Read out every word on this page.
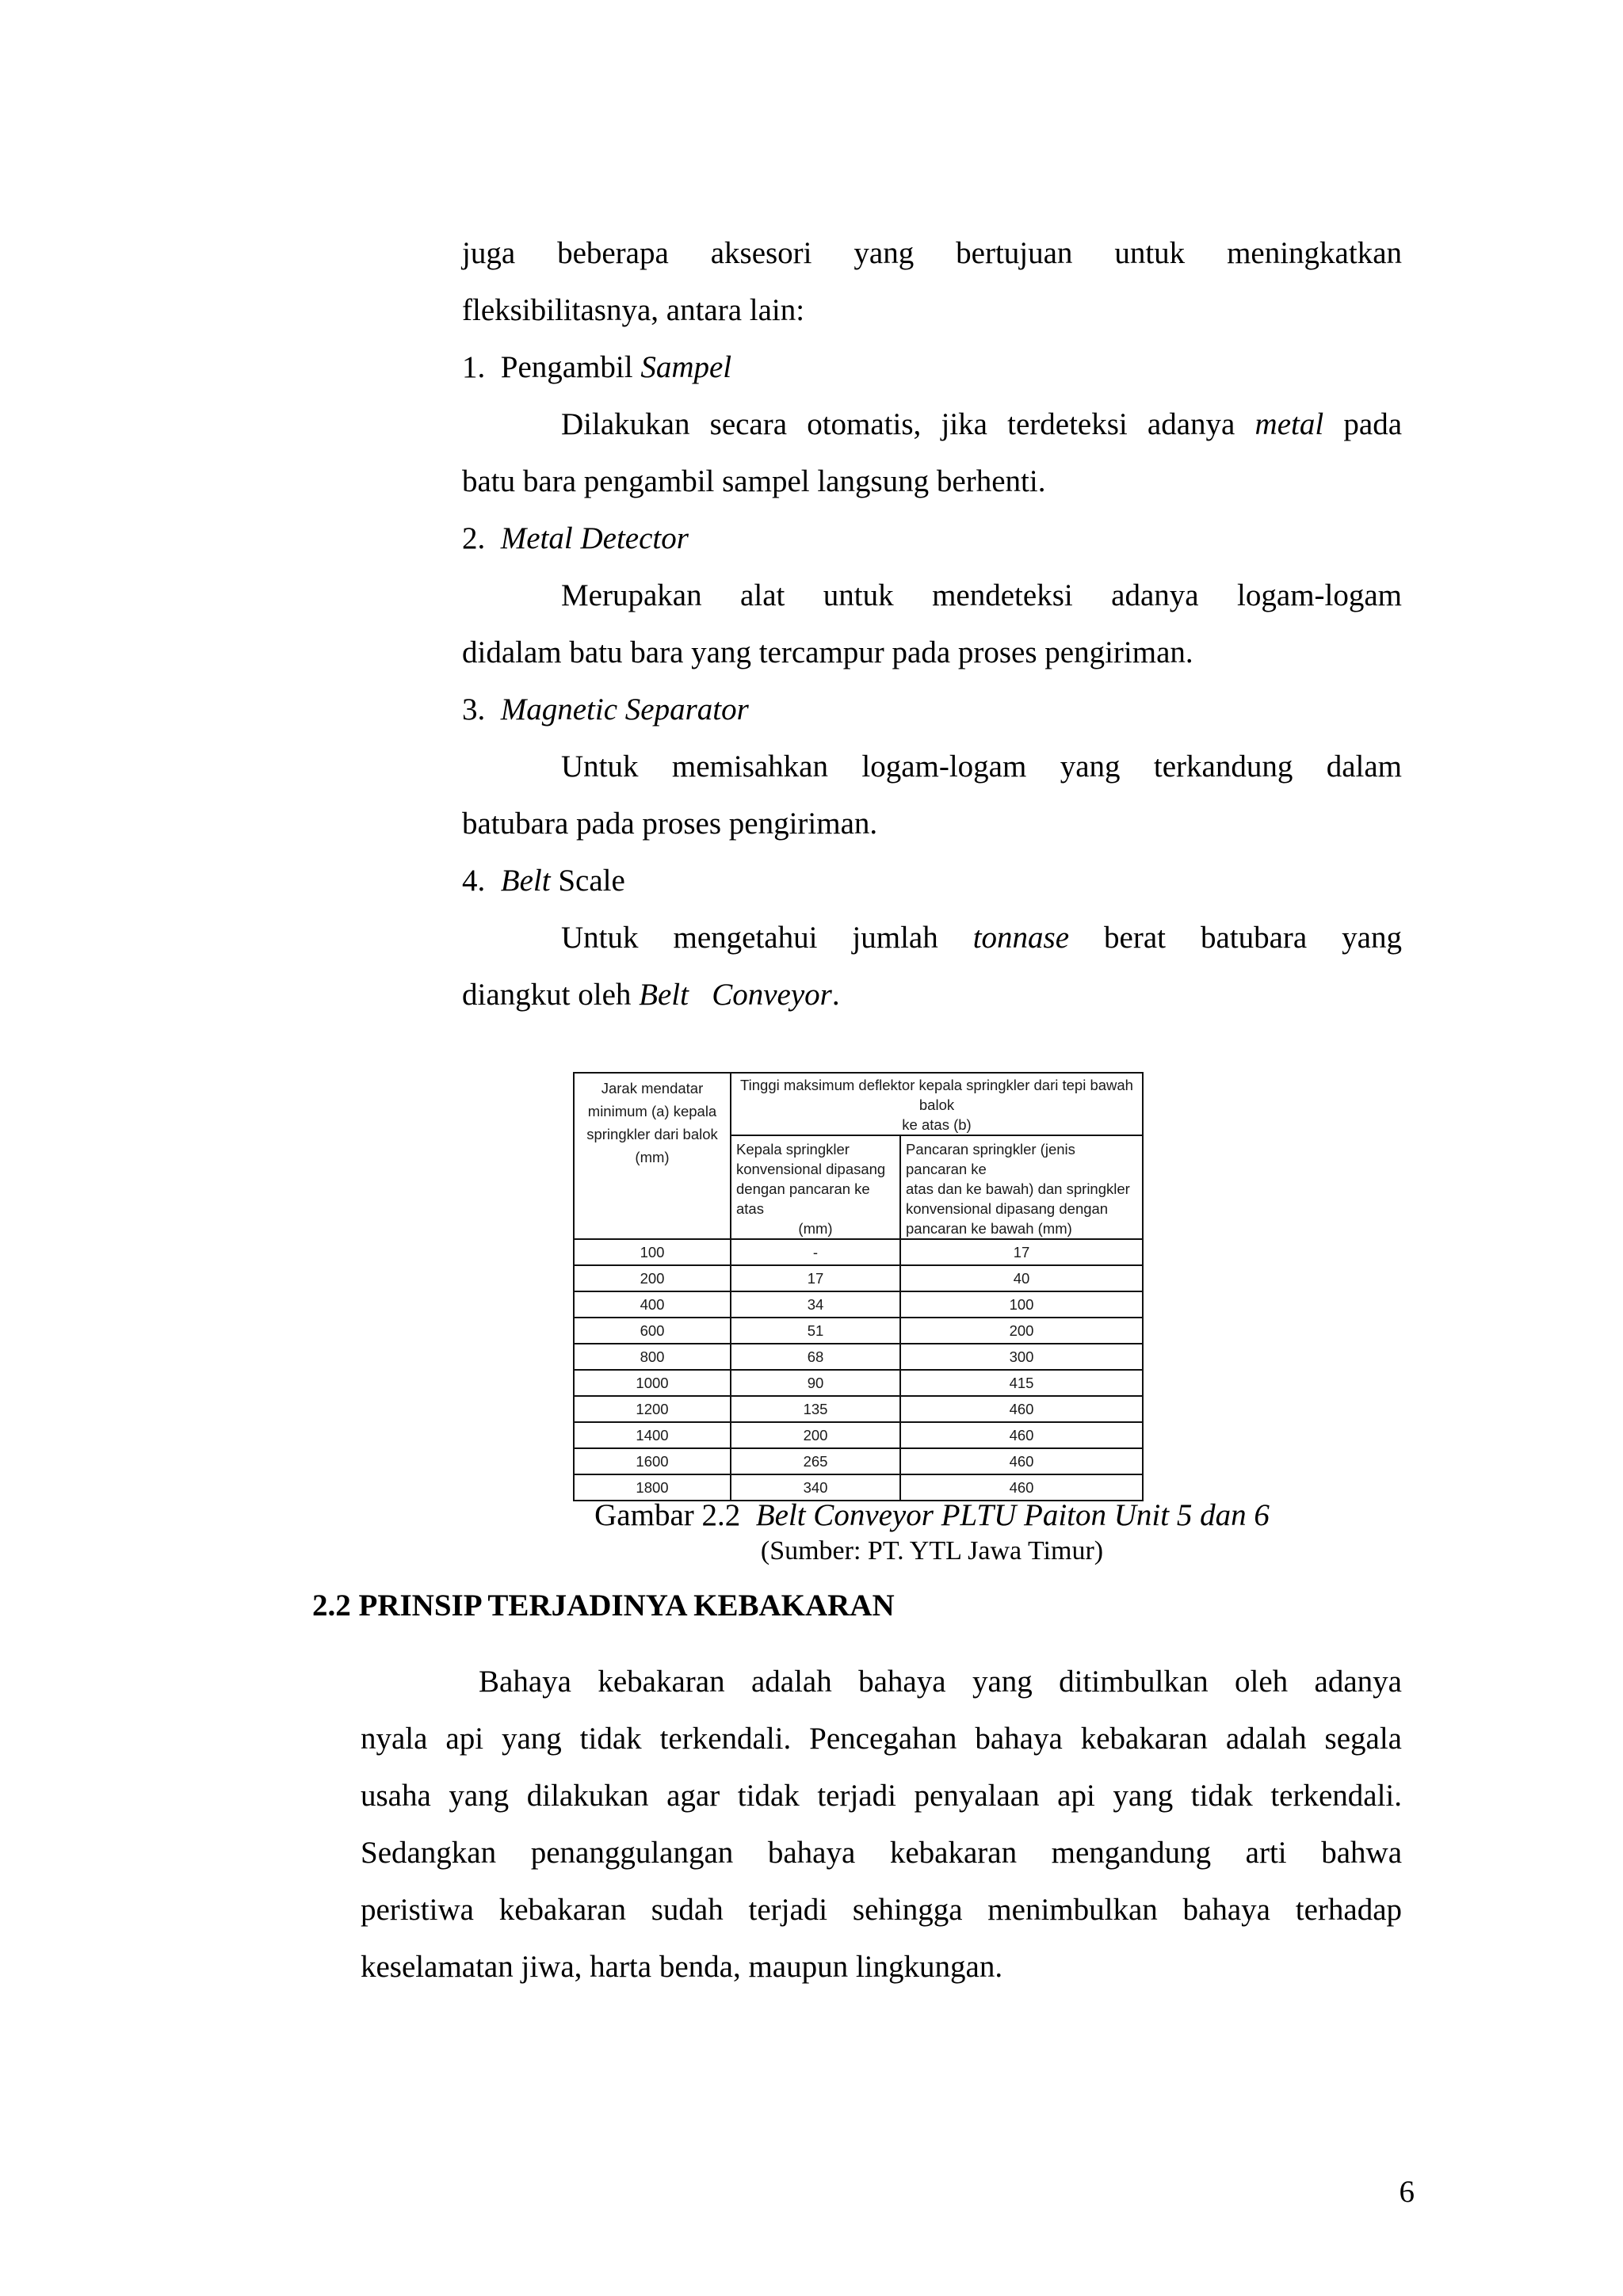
juga beberapa aksesori yang bertujuan untuk meningkatkan
fleksibilitasnya, antara lain:
1. Pengambil Sampel
Dilakukan secara otomatis, jika terdeteksi adanya metal pada
batu bara pengambil sampel langsung berhenti.
2. Metal Detector
Merupakan alat untuk mendeteksi adanya logam-logam
didalam batu bara yang tercampur pada proses pengiriman.
3. Magnetic Separator
Untuk memisahkan logam-logam yang terkandung dalam
batubara pada proses pengiriman.
4. Belt Scale
Untuk mengetahui jumlah tonnase berat batubara yang
diangkut oleh Belt   Conveyor.
Jarak mendatar
minimum (a) kepala
springkler dari balok
(mm)	Tinggi maksimum deflektor kepala springkler dari tepi bawah balok
ke atas (b)	
	Kepala springkler
konvensional dipasang
dengan pancaran ke atas

(mm)	Pancaran springkler (jenis pancaran ke
atas dan ke bawah) dan springkler
konvensional dipasang dengan
pancaran ke bawah (mm)
100	-	17
200	17	40
400	34	100
600	51	200
800	68	300
1000	90	415
1200	135	460
1400	200	460
1600	265	460
1800	340	460
Gambar 2.2 Belt Conveyor PLTU Paiton Unit 5 dan 6
(Sumber: PT. YTL Jawa Timur)
2.2 PRINSIP TERJADINYA KEBAKARAN
Bahaya kebakaran adalah bahaya yang ditimbulkan oleh adanya
nyala api yang tidak terkendali. Pencegahan bahaya kebakaran adalah segala
usaha yang dilakukan agar tidak terjadi penyalaan api yang tidak terkendali.
Sedangkan penanggulangan bahaya kebakaran mengandung arti bahwa
peristiwa kebakaran sudah terjadi sehingga menimbulkan bahaya terhadap
keselamatan jiwa, harta benda, maupun lingkungan.
6
